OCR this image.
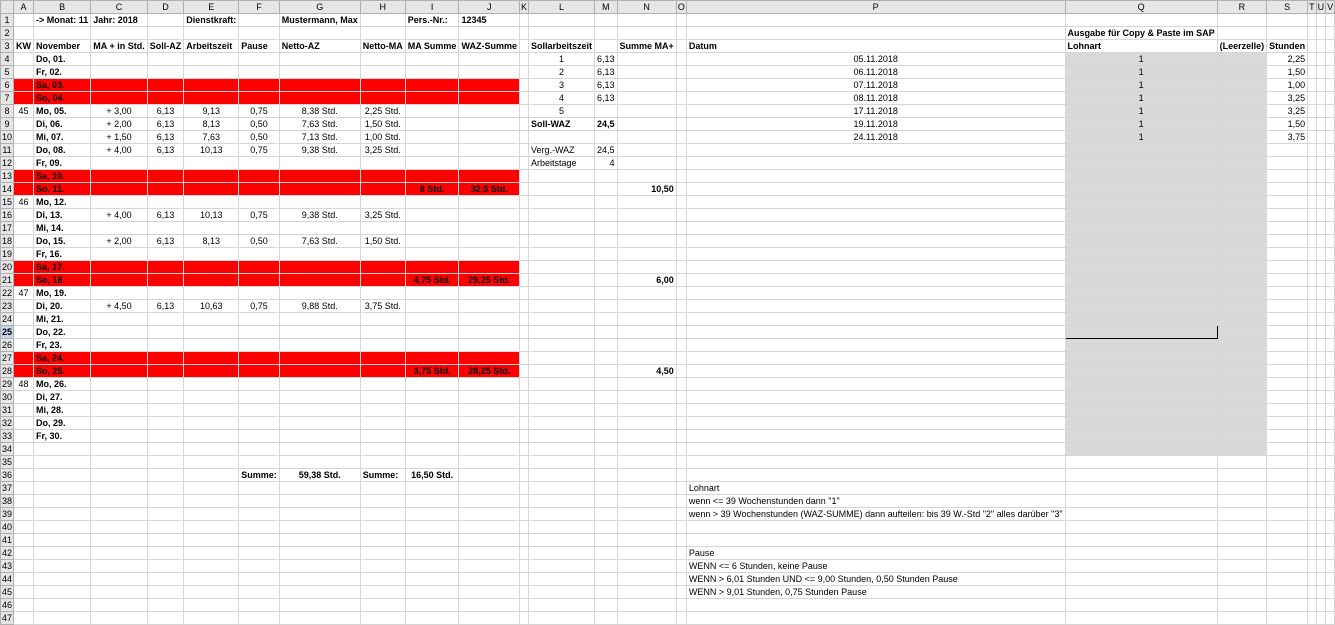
	A	B	C	D	E	F	G	H	I	J	K	L	M	N	O	P	Q	R	S	T	U	V
1		-> Monat: 11	Jahr: 2018		Dienstkraft:		Mustermann, Max		Pers.-Nr.:	12345												
2																	Ausgabe für Copy & Paste im SAP					
3	KW	November	MA + in Std.	Soll-AZ	Arbeitszeit	Pause	Netto-AZ	Netto-MA	MA Summe	WAZ-Summe		Sollarbeitszeit		Summe MA+		Datum	Lohnart	(Leerzelle)	Stunden			
4		Do, 01.										1	6,13			05.11.2018	1		2,25			
5		Fr, 02.										2	6,13			06.11.2018	1		1,50			
6		Sa, 03.										3	6,13			07.11.2018	1		1,00			
7		So, 04.										4	6,13			08.11.2018	1		3,25			
8	45	Mo, 05.	+ 3,00	6,13	9,13	0,75	8,38 Std.	2,25 Std.				5				17.11.2018	1		3,25			
9		Di, 06.	+ 2,00	6,13	8,13	0,50	7,63 Std.	1,50 Std.				Soll-WAZ	24,5			19.11.2018	1		1,50			
10		Mi, 07.	+ 1,50	6,13	7,63	0,50	7,13 Std.	1,00 Std.								24.11.2018	1		3,75			
11		Do, 08.	+ 4,00	6,13	10,13	0,75	9,38 Std.	3,25 Std.				Verg.-WAZ	24,5									
12		Fr, 09.										Arbeitstage	4									
13		Sa, 10.																				
14		So, 11.							8 Std.	32,5 Std.				10,50								
15	46	Mo, 12.																				
16		Di, 13.	+ 4,00	6,13	10,13	0,75	9,38 Std.	3,25 Std.														
17		Mi, 14.																				
18		Do, 15.	+ 2,00	6,13	8,13	0,50	7,63 Std.	1,50 Std.														
19		Fr, 16.																				
20		Sa, 17.																				
21		So, 18.							4,75 Std.	29,25 Std.				6,00								
22	47	Mo, 19.																				
23		Di, 20.	+ 4,50	6,13	10,63	0,75	9,88 Std.	3,75 Std.														
24		Mi, 21.																				
25		Do, 22.																				
26		Fr, 23.																				
27		Sa, 24.																				
28		So, 25.							3,75 Std.	28,25 Std.				4,50								
29	48	Mo, 26.																				
30		Di, 27.																				
31		Mi, 28.																				
32		Do, 29.																				
33		Fr, 30.																				
34																						
35																						
36						Summe:	59,38 Std.	Summe:	16,50 Std.													
37																Lohnart						
38																wenn <= 39 Wochenstunden dann "1"						
39																wenn > 39 Wochenstunden (WAZ-SUMME) dann aufteilen: bis 39 W.-Std "2" alles darüber "3"						
40																						
41																						
42																Pause						
43																WENN <= 6 Stunden, keine Pause						
44																WENN > 6,01 Stunden UND <= 9,00 Stunden, 0,50 Stunden Pause						
45																WENN > 9,01 Stunden, 0,75 Stunden Pause						
46																						
47																						
